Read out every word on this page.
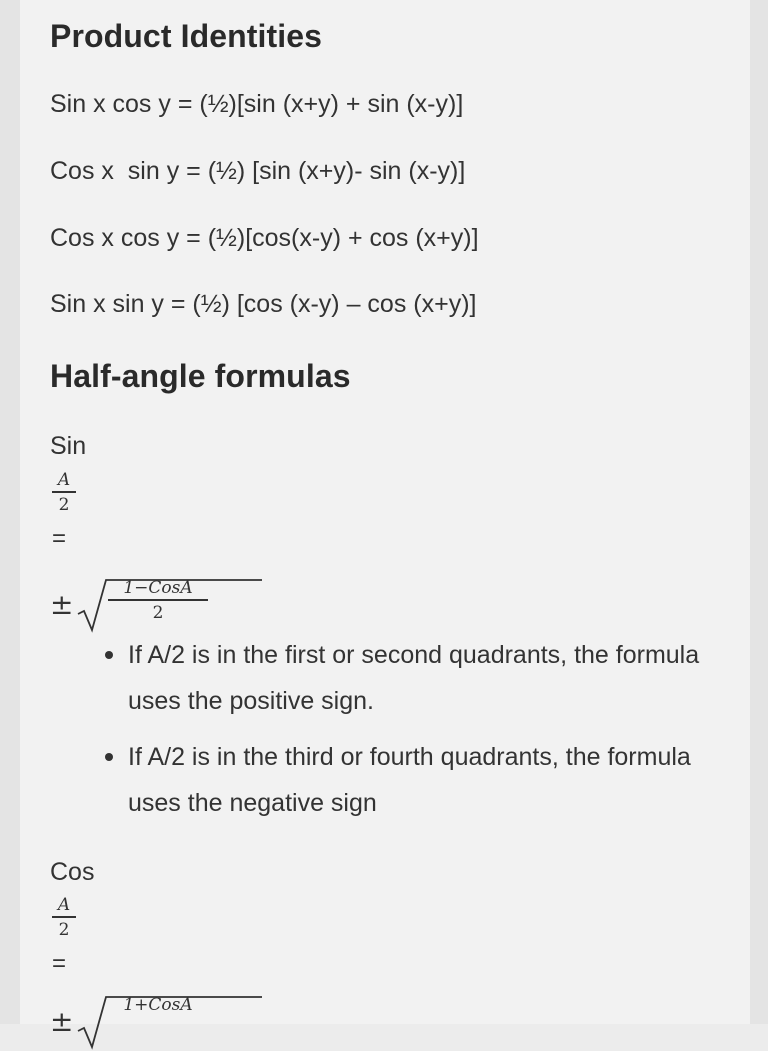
Product Identities

Sin x cos y = (½)[sin (x+y) + sin (x-y)]

Cos x  sin y = (½) [sin (x+y)- sin (x-y)]

Cos x cos y = (½)[cos(x-y) + cos (x+y)]

Sin x sin y = (½) [cos (x-y) – cos (x+y)]

Half-angle formulas
Sin
A
2
=
±	1−CosA
2
If A/2 is in the first or second quadrants, the formula uses the positive sign.
If A/2 is in the third or fourth quadrants, the formula uses the negative sign
Cos
A
2
=
±	1+CosA
